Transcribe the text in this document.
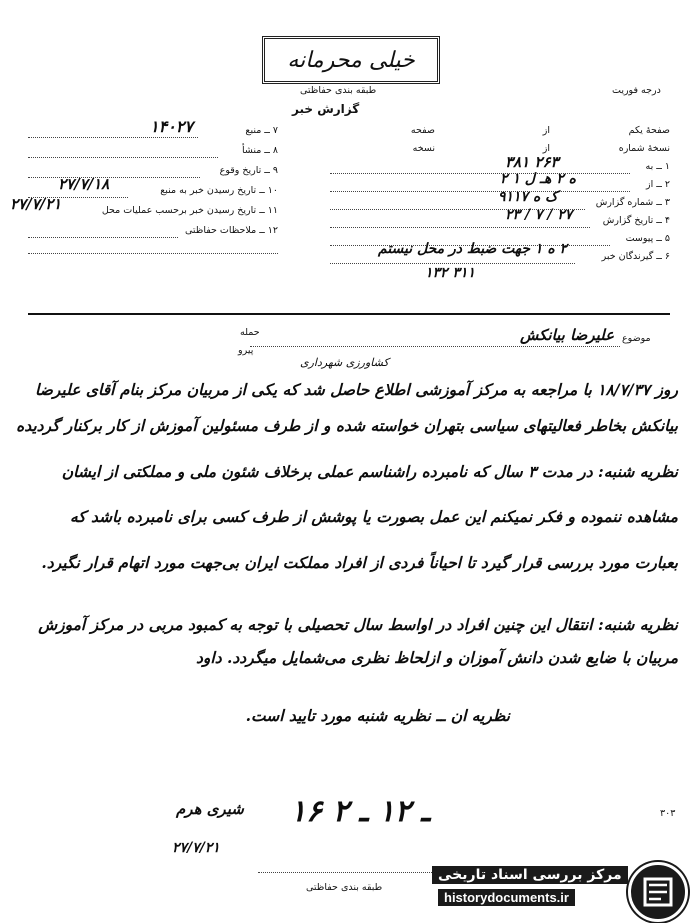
خیلی محرمانه
طبقه بندی حفاظتی
گزارش خبر
درجه فوریت
۷ ــ منبع
۱۴۰۲۷
۸ ــ منشأ
۹ ــ تاریخ وقوع
۱۰ ــ تاریخ رسیدن خبر به منبع
۲۷/۷/۱۸
۱۱ ــ تاریخ رسیدن خبر برحسب عملیات محل
۲۷/۷/۲۱
۱۲ ــ ملاحظات حفاظتی
صفحهٔ یکم
از
صفحه
نسخهٔ شماره
از
نسخه
۱ ــ به
۳۸۱ ۲۶۳
۲ ــ از
۲ ه ۲ هـ ل ۱
۳ ــ شماره گزارش
۹۱۱۷ ک ه
۴ ــ تاریخ گزارش
۲۳ / ۷ / ۲۷
۵ ــ پیوست
۶ ــ گیرندگان خبر
۲ ه ۱ جهت ضبط در محل نیستم
۱۳۲ ۳۱۱
موضوع
علیرضا بیانکش
حمله
پیرو
کشاورزی شهرداری
روز ۱۸/۷/۳۷ با مراجعه به مرکز آموزشی اطلاع حاصل شد که یکی از مربیان مرکز بنام آقای علیرضا
بیانکش بخاطر فعالیتهای سیاسی بتهران خواسته شده و از طرف مسئولین آموزش از کار برکنار گردیده
نظریه شنبه: در مدت ۳ سال که نامبرده راشناسم عملی برخلاف شئون ملی و مملکتی از ایشان
مشاهده ننموده و فکر نمیکنم این عمل بصورت یا پوشش از طرف کسی برای نامبرده باشد که
بعبارت مورد بررسی قرار گیرد تا احیاناً فردی از افراد مملکت ایران بی‌جهت مورد اتهام قرار نگیرد.
نظریه شنبه: انتقال این چنین افراد در اواسط سال تحصیلی با توجه به کمبود مربی در مرکز آموزش
مربیان با ضایع شدن دانش آموزان و ازلحاظ نظری می‌شمایل میگردد. داود
نظریه ان ــ نظریه شنبه مورد تایید است.
شیری هرم
۲۷/۷/۲۱
۱۶ ـ ۱۲ ـ ۲
طبقه بندی حفاظتی
۳۰۳
مرکز بررسی اسناد تاریخی
historydocuments.ir
